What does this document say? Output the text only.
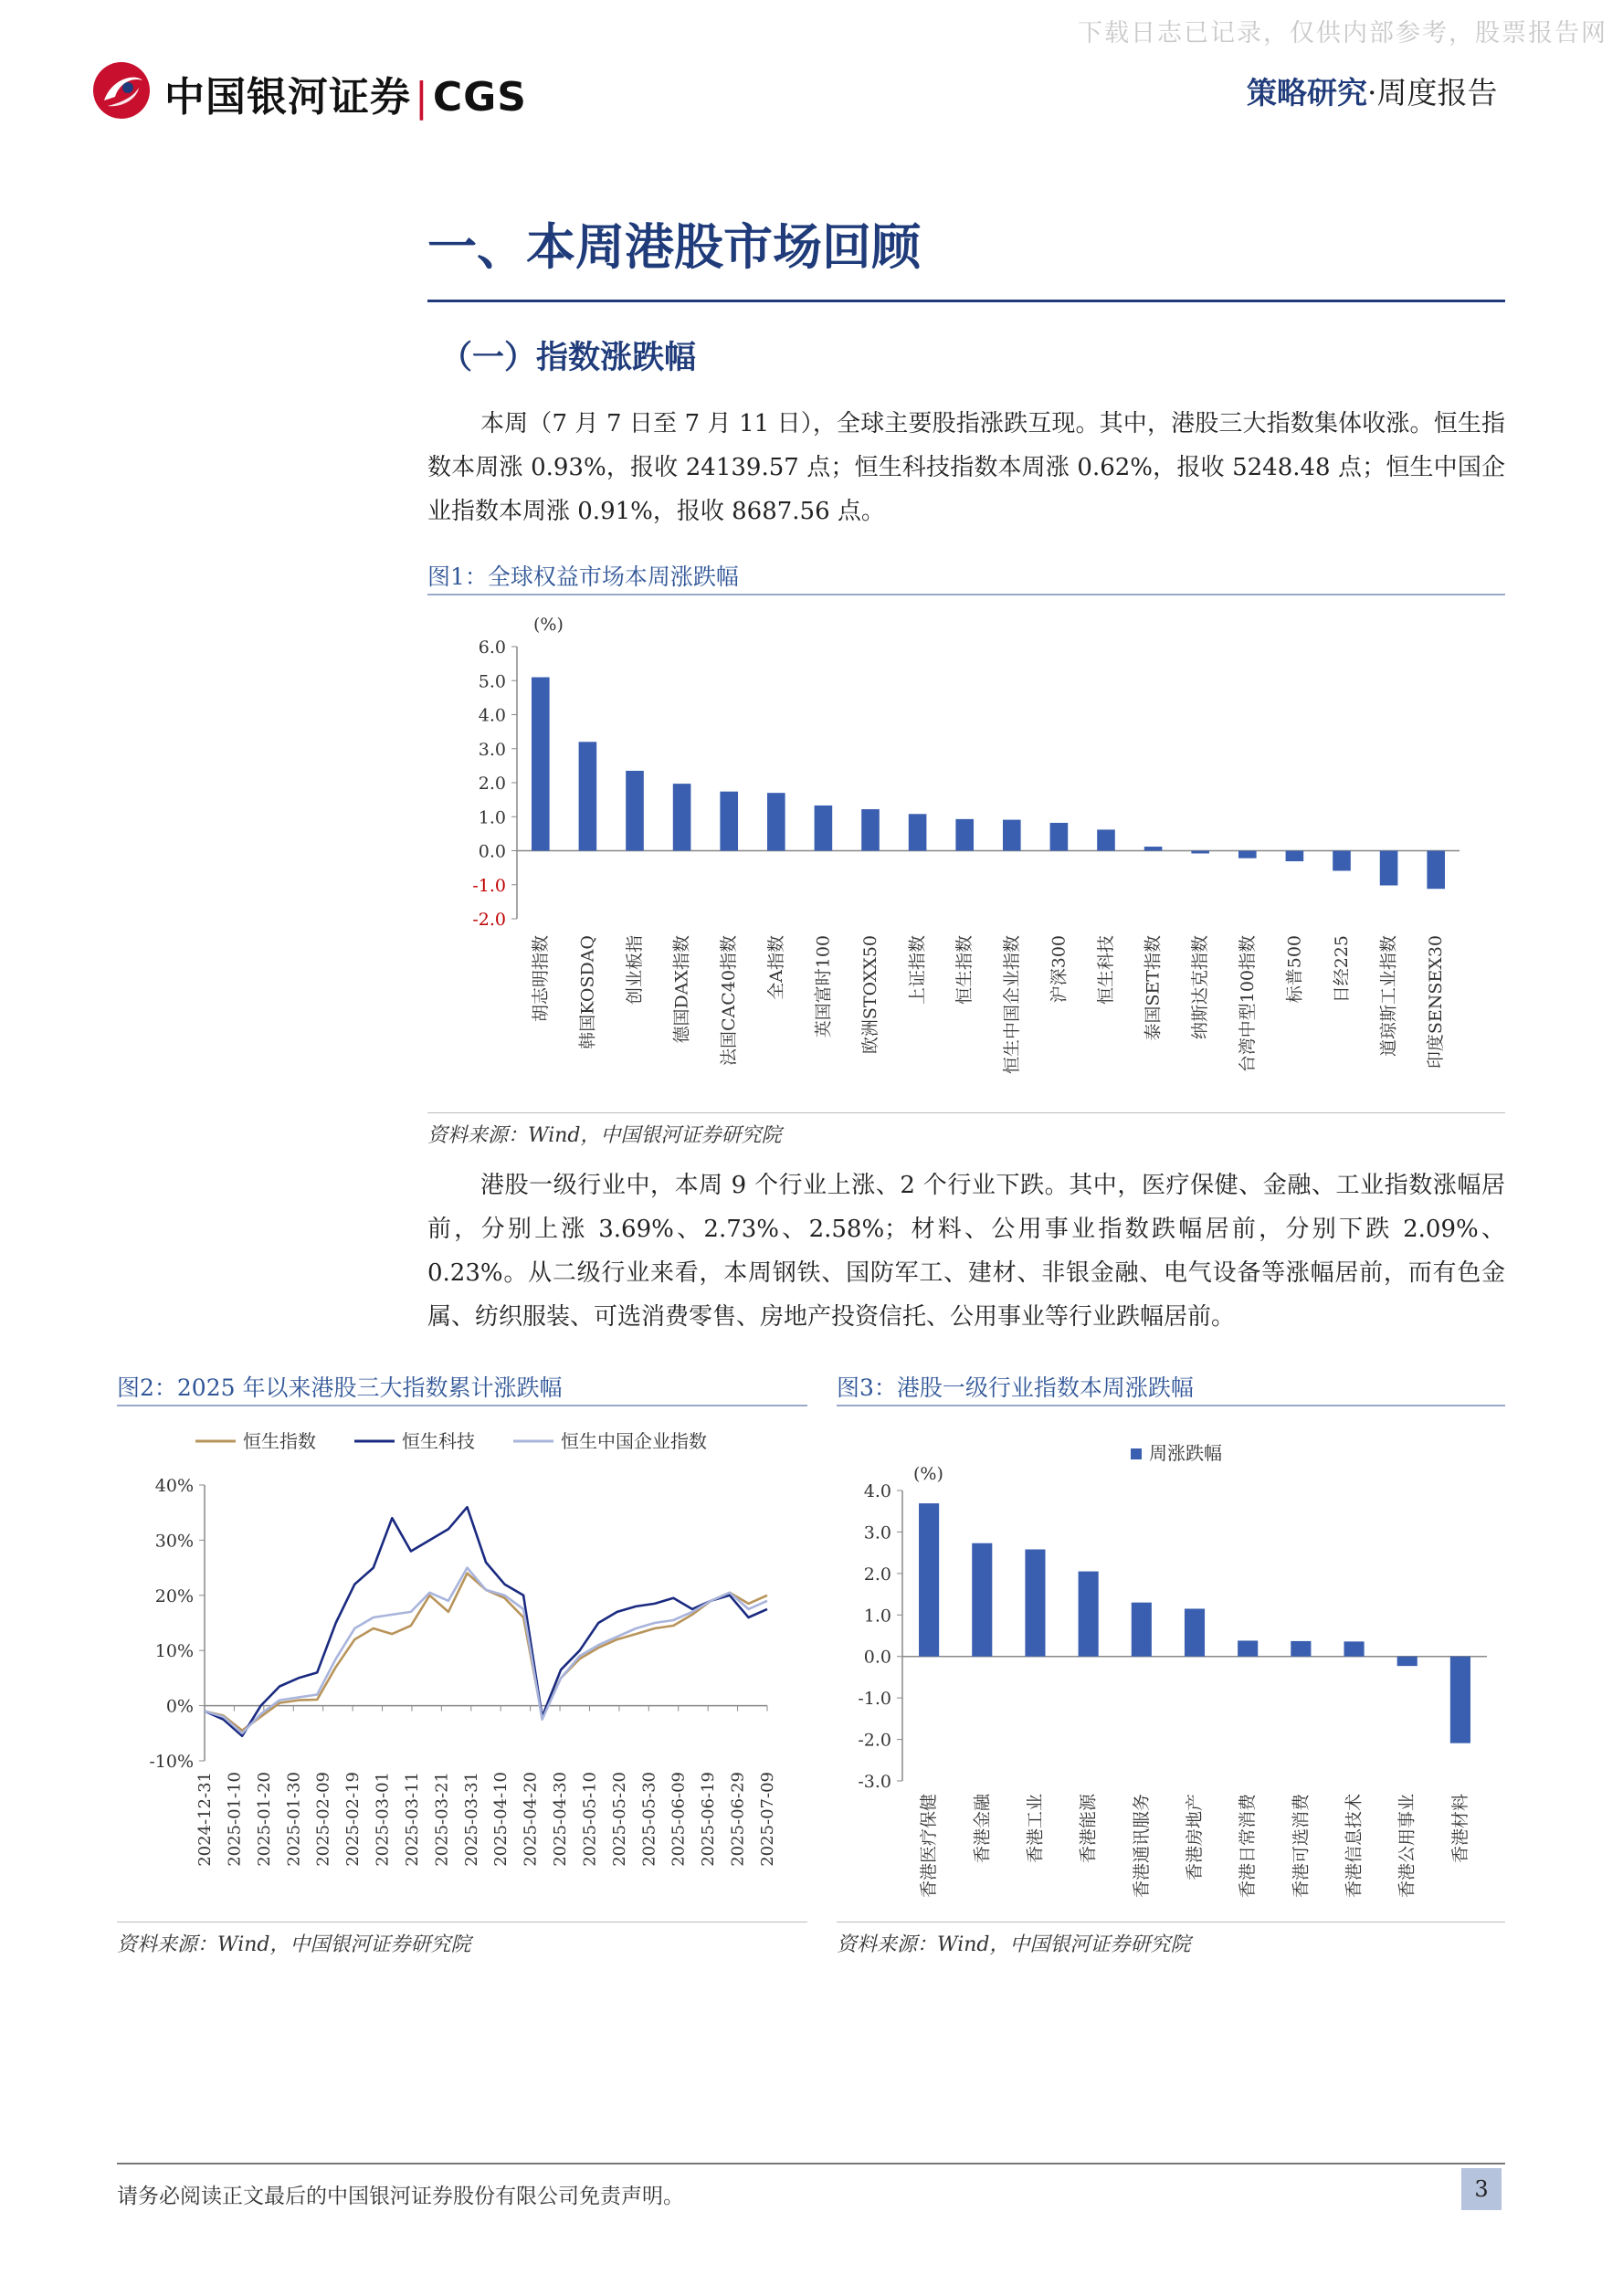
下载日志已记录，仅供内部参考，股票报告网
中国银河证券|CGS	策略研究·周度报告
一、本周港股市场回顾
（一）指数涨跌幅
本周（7 月 7 日至 7 月 11 日），全球主要股指涨跌互现。其中，港股三大指数集体收涨。恒生指数本周涨 0.93%，报收 24139.57 点；恒生科技指数本周涨 0.62%，报收 5248.48 点；恒生中国企业指数本周涨 0.91%，报收 8687.56 点。
图1：全球权益市场本周涨跌幅
(%)
6.0
5.0
4.0
3.0
2.0
1.0
0.0
-1.0
-2.0
胡志明指数 韩国KOSDAQ 创业板指 德国DAX指数 法国CAC40指数 全A指数 英国富时100 欧洲STOXX50 上证指数 恒生指数 恒生中国企业指数 沪深300 恒生科技 泰国SET指数 纳斯达克指数 台湾中型100指数 标普500 日经225 道琼斯工业指数 印度SENSEX30
资料来源：Wind，中国银河证券研究院
港股一级行业中，本周 9 个行业上涨、2 个行业下跌。其中，医疗保健、金融、工业指数涨幅居前，分别上涨 3.69%、2.73%、2.58%；材料、公用事业指数跌幅居前，分别下跌 2.09%、0.23%。从二级行业来看，本周钢铁、国防军工、建材、非银金融、电气设备等涨幅居前，而有色金属、纺织服装、可选消费零售、房地产投资信托、公用事业等行业跌幅居前。
图2：2025 年以来港股三大指数累计涨跌幅
恒生指数	恒生科技	恒生中国企业指数
40%
30%
20%
10%
0%
-10%
2024-12-31 2025-01-10 2025-01-20 2025-01-30 2025-02-09 2025-02-19 2025-03-01 2025-03-11 2025-03-21 2025-03-31 2025-04-10 2025-04-20 2025-04-30 2025-05-10 2025-05-20 2025-05-30 2025-06-09 2025-06-19 2025-06-29 2025-07-09
资料来源：Wind，中国银河证券研究院
图3：港股一级行业指数本周涨跌幅
周涨跌幅
(%)
4.0
3.0
2.0
1.0
0.0
-1.0
-2.0
-3.0
香港医疗保健 香港金融 香港工业 香港能源 香港通讯服务 香港房地产 香港日常消费 香港可选消费 香港信息技术 香港公用事业 香港材料
资料来源：Wind，中国银河证券研究院
请务必阅读正文最后的中国银河证券股份有限公司免责声明。	3
